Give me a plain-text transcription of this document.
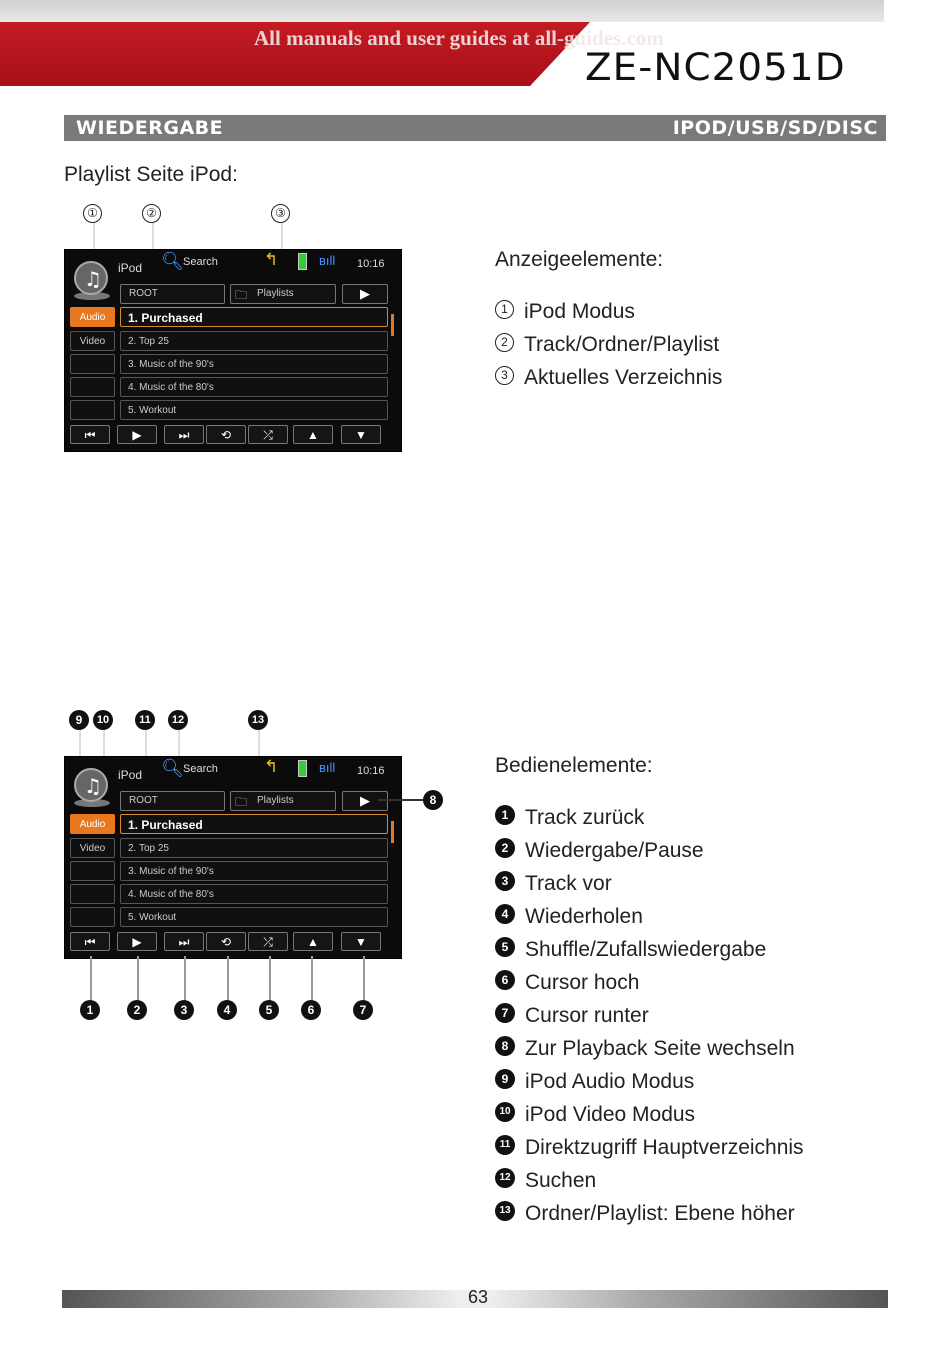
All manuals and user guides at all-guides.com
ZE-NC2051D
WIEDERGABE	IPOD/USB/SD/DISC
Playlist Seite iPod:
①	②	③
♫ iPod 🔍︎ Search	↰	ʙıll 10:16
ROOT	Playlists
🗀	▶
Audio
Video
1. Purchased
2. Top 25
3. Music of the 90's
4. Music of the 80's
5. Workout
⏮	▶	⏭	⟲	⤮	▲	▼
Anzeigeelemente:
1 iPod Modus
2 Track/Ordner/Playlist
3 Aktuelles Verzeichnis
9	10	11	12	13
♫ iPod 🔍︎ Search	↰	ʙıll 10:16
ROOT	Playlists
🗀	▶
Audio
Video
1. Purchased
2. Top 25
3. Music of the 90's
4. Music of the 80's
5. Workout
⏮	▶	⏭	⟲	⤮	▲	▼
8
1	2	3	4	5	6	7
Bedienelemente:
1 Track zurück
2 Wiedergabe/Pause
3 Track vor
4 Wiederholen
5 Shuffle/Zufallswiedergabe
6 Cursor hoch
7 Cursor runter
8 Zur Playback Seite wechseln
9 iPod Audio Modus
10 iPod Video Modus
11 Direktzugriff Hauptverzeichnis
12 Suchen
13 Ordner/Playlist: Ebene höher
63
